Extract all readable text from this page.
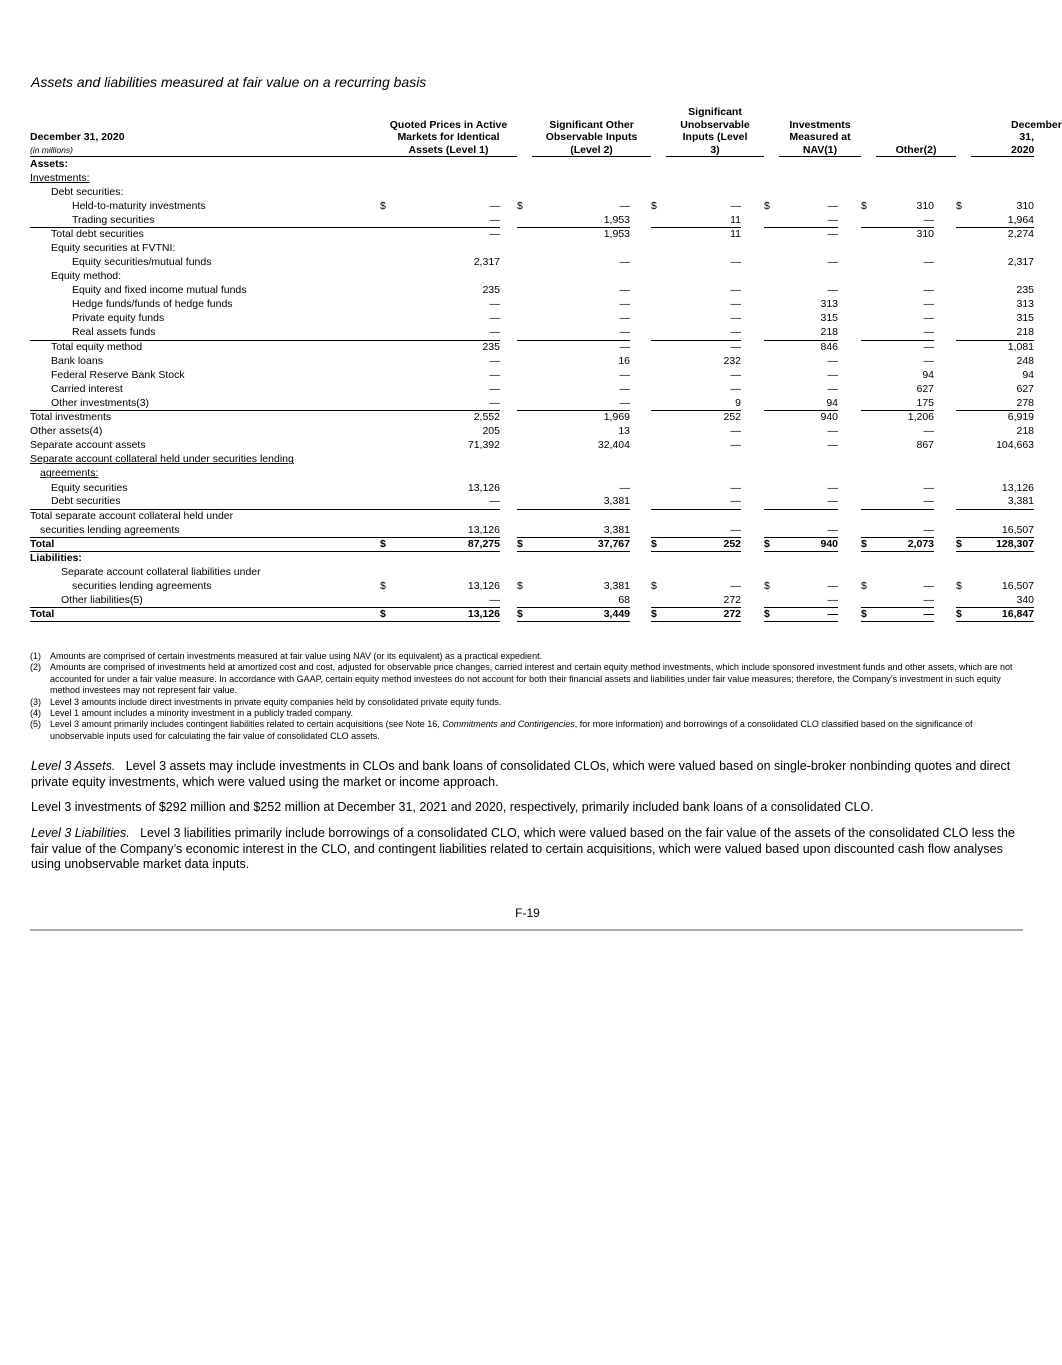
Assets and liabilities measured at fair value on a recurring basis
December 31, 2020
(in millions)	Quoted Prices in Active Markets for Identical Assets (Level 1)				Significant Other Observable Inputs (Level 2)			Significant Unobservable Inputs (Level 3)			Investments Measured at NAV(1)			Other(2)			December 31, 2020
Assets:																	
Investments:																	
Debt securities:																	
Held-to-maturity investments	$	—		$	—		$	—		$	—		$	310		$	310
Trading securities		—			1,953			11			—			—			1,964
Total debt securities		—			1,953			11			—			310			2,274
Equity securities at FVTNI:																	
Equity securities/mutual funds		2,317			—			—			—			—			2,317
Equity method:																	
Equity and fixed income mutual funds		235			—			—			—			—			235
Hedge funds/funds of hedge funds		—			—			—			313			—			313
Private equity funds		—			—			—			315			—			315
Real assets funds		—			—			—			218			—			218
Total equity method		235			—			—			846			—			1,081
Bank loans		—			16			232			—			—			248
Federal Reserve Bank Stock		—			—			—			—			94			94
Carried interest		—			—			—			—			627			627
Other investments(3)		—			—			9			94			175			278
Total investments		2,552			1,969			252			940			1,206			6,919
Other assets(4)		205			13			—			—			—			218
Separate account assets		71,392			32,404			—			—			867			104,663
Separate account collateral held under securities lending																	
agreements:																	
Equity securities		13,126			—			—			—			—			13,126
Debt securities		—			3,381			—			—			—			3,381
Total separate account collateral held under																	
securities lending agreements		13,126			3,381			—			—			—			16,507
Total	$	87,275		$	37,767		$	252		$	940		$	2,073		$	128,307
Liabilities:																	
Separate account collateral liabilities under																	
securities lending agreements	$	13,126		$	3,381		$	—		$	—		$	—		$	16,507
Other liabilities(5)		—			68			272			—			—			340
Total	$	13,126		$	3,449		$	272		$	—		$	—		$	16,847
(1)	Amounts are comprised of certain investments measured at fair value using NAV (or its equivalent) as a practical expedient.
(2)	Amounts are comprised of investments held at amortized cost and cost, adjusted for observable price changes, carried interest and certain equity method investments, which include sponsored investment funds and other assets, which are not accounted for under a fair value measure. In accordance with GAAP, certain equity method investees do not account for both their financial assets and liabilities under fair value measures; therefore, the Company’s investment in such equity method investees may not represent fair value.
(3)	Level 3 amounts include direct investments in private equity companies held by consolidated private equity funds.
(4)	Level 1 amount includes a minority investment in a publicly traded company.
(5)	Level 3 amount primarily includes contingent liabilities related to certain acquisitions (see Note 16, Commitments and Contingencies, for more information) and borrowings of a consolidated CLO classified based on the significance of unobservable inputs used for calculating the fair value of consolidated CLO assets.
Level 3 Assets. Level 3 assets may include investments in CLOs and bank loans of consolidated CLOs, which were valued based on single-broker nonbinding quotes and direct private equity investments, which were valued using the market or income approach.
Level 3 investments of $292 million and $252 million at December 31, 2021 and 2020, respectively, primarily included bank loans of a consolidated CLO.
Level 3 Liabilities. Level 3 liabilities primarily include borrowings of a consolidated CLO, which were valued based on the fair value of the assets of the consolidated CLO less the fair value of the Company’s economic interest in the CLO, and contingent liabilities related to certain acquisitions, which were valued based upon discounted cash flow analyses using unobservable market data inputs.
F-19
